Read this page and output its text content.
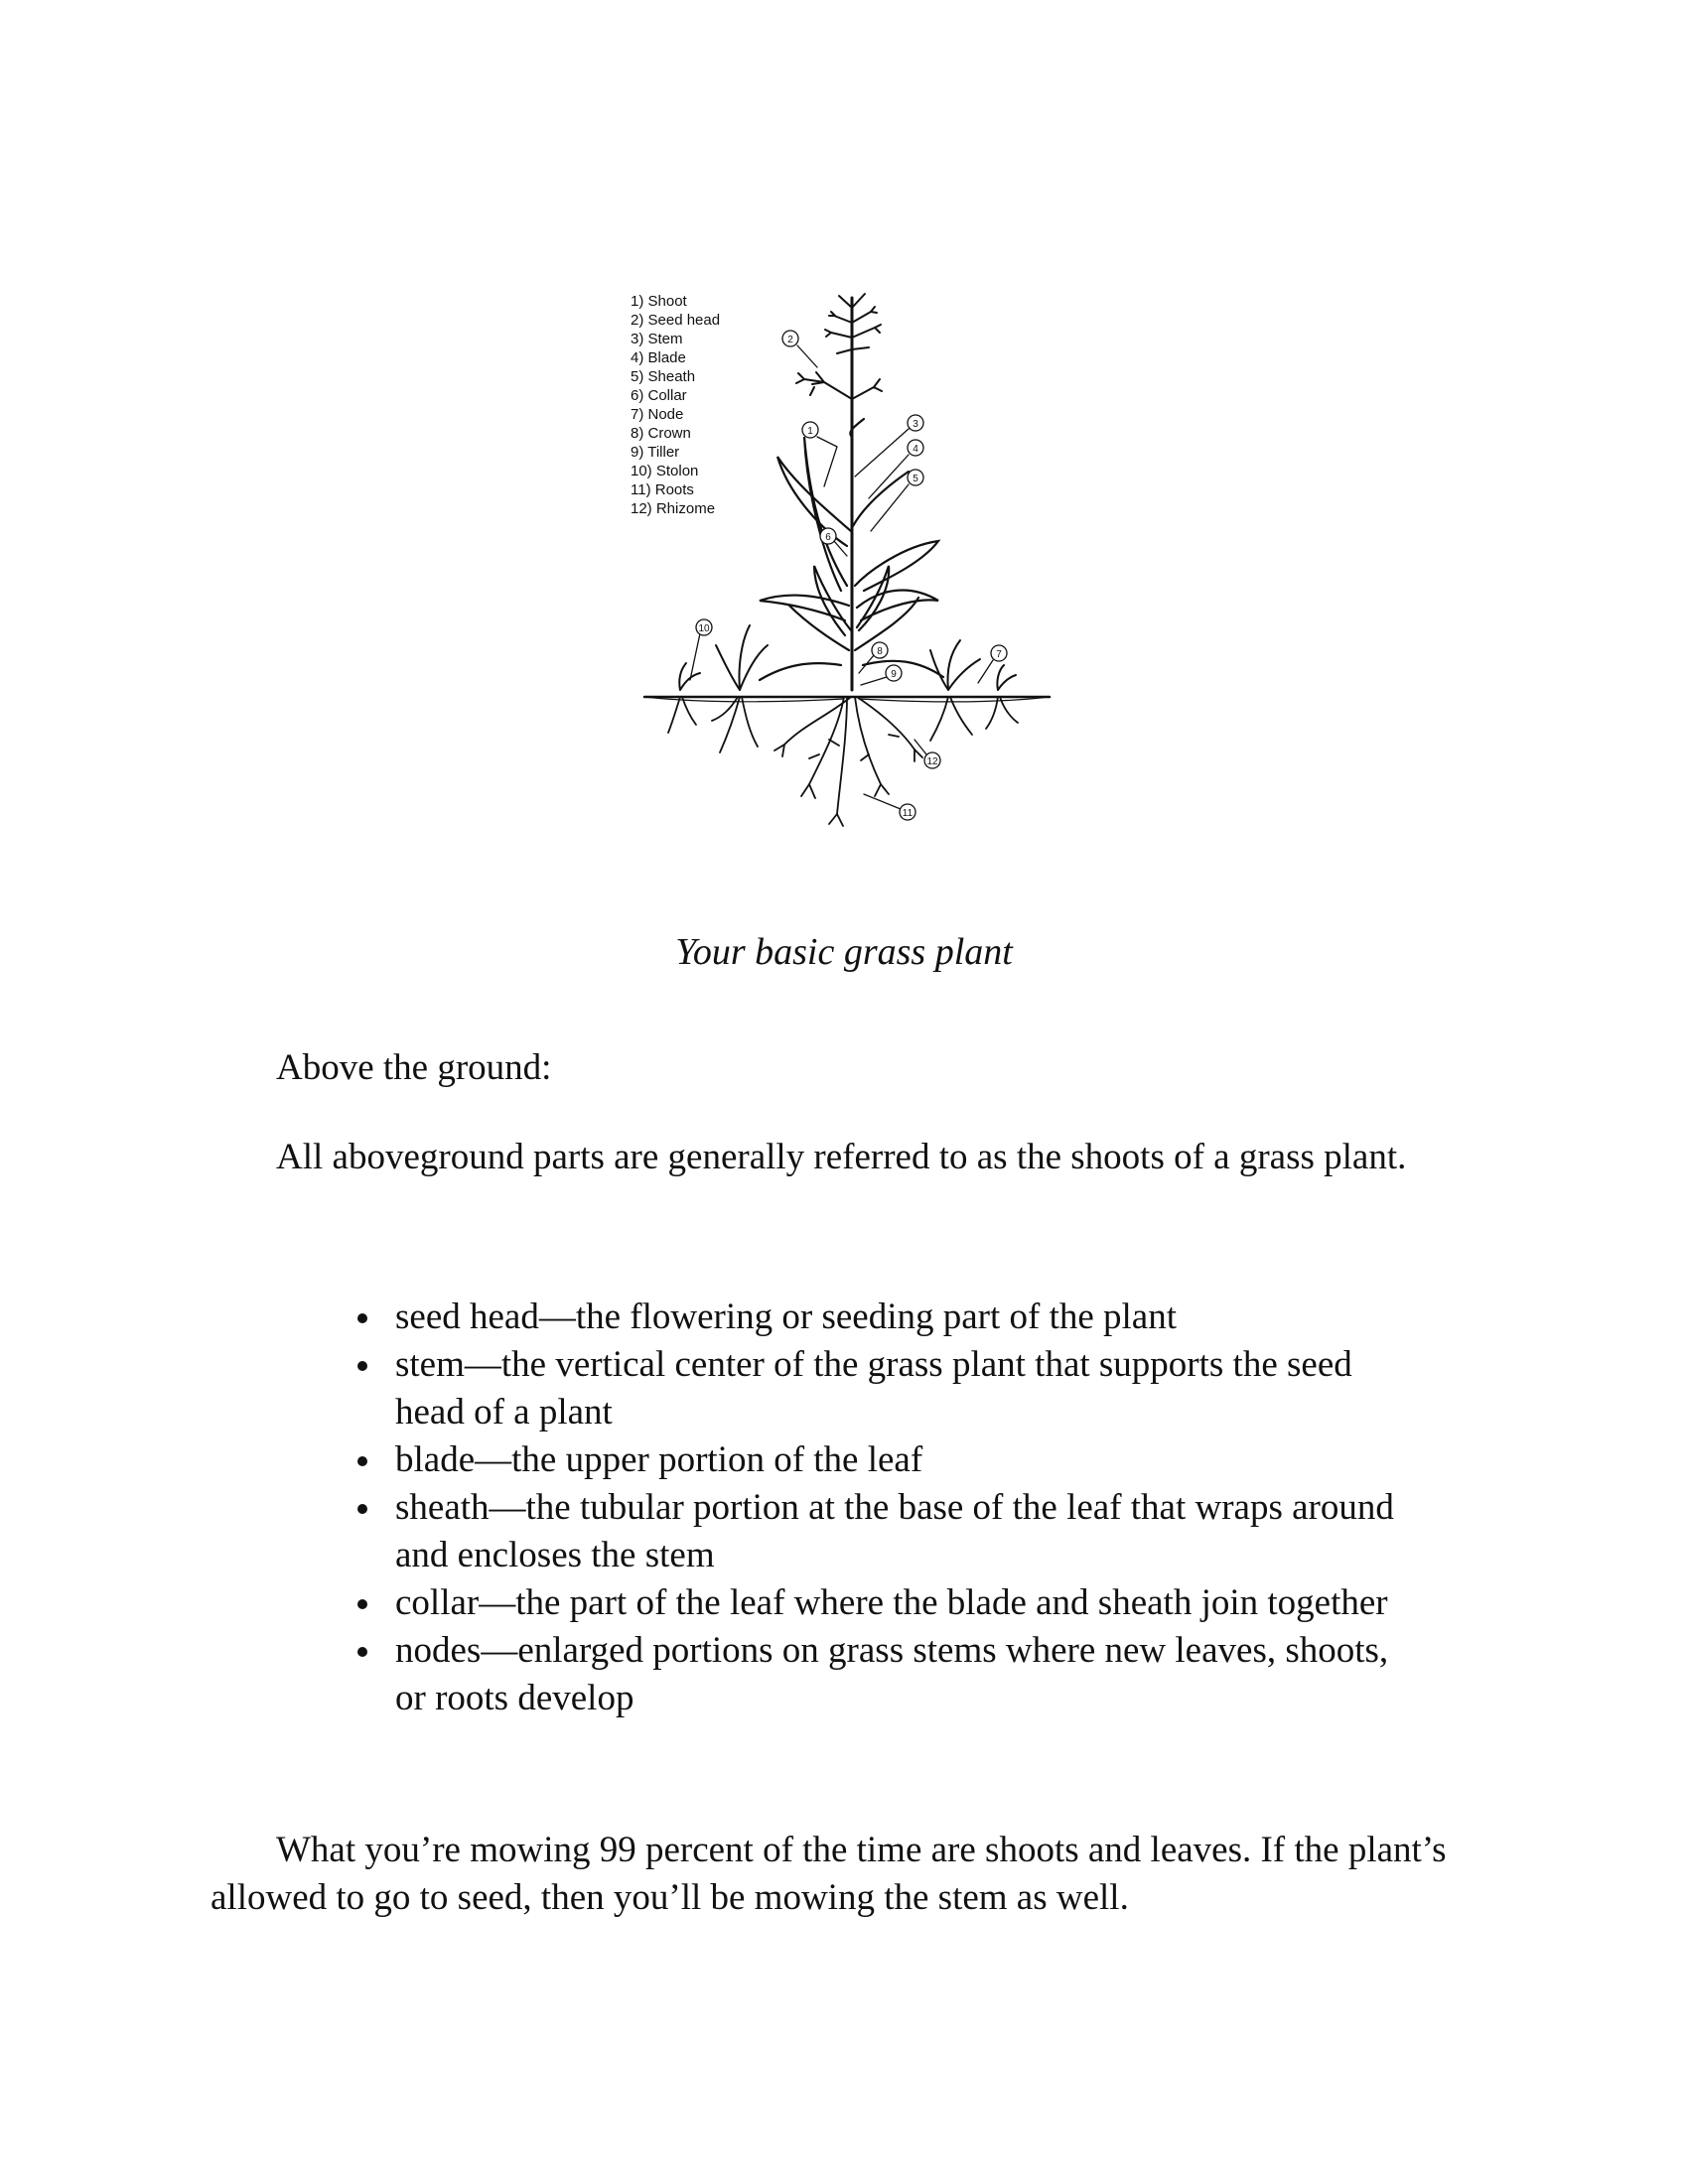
1) Shoot
2) Seed head
3) Stem
4) Blade
5) Sheath
6) Collar
7) Node
8) Crown
9) Tiller
10) Stolon
11) Roots
12) Rhizome
2
1
3
4
5
6
7
8
9
10
11
12
Your basic grass plant

Above the ground:

All aboveground parts are generally referred to as the shoots of a grass plant.

seed head—the flowering or seeding part of the plant
stem—the vertical center of the grass plant that supports the seed head of a plant
blade—the upper portion of the leaf
sheath—the tubular portion at the base of the leaf that wraps around and encloses the stem
collar—the part of the leaf where the blade and sheath join together
nodes—enlarged portions on grass stems where new leaves, shoots, or roots develop

What you’re mowing 99 percent of the time are shoots and leaves. If the plant’s allowed to go to seed, then you’ll be mowing the stem as well.
